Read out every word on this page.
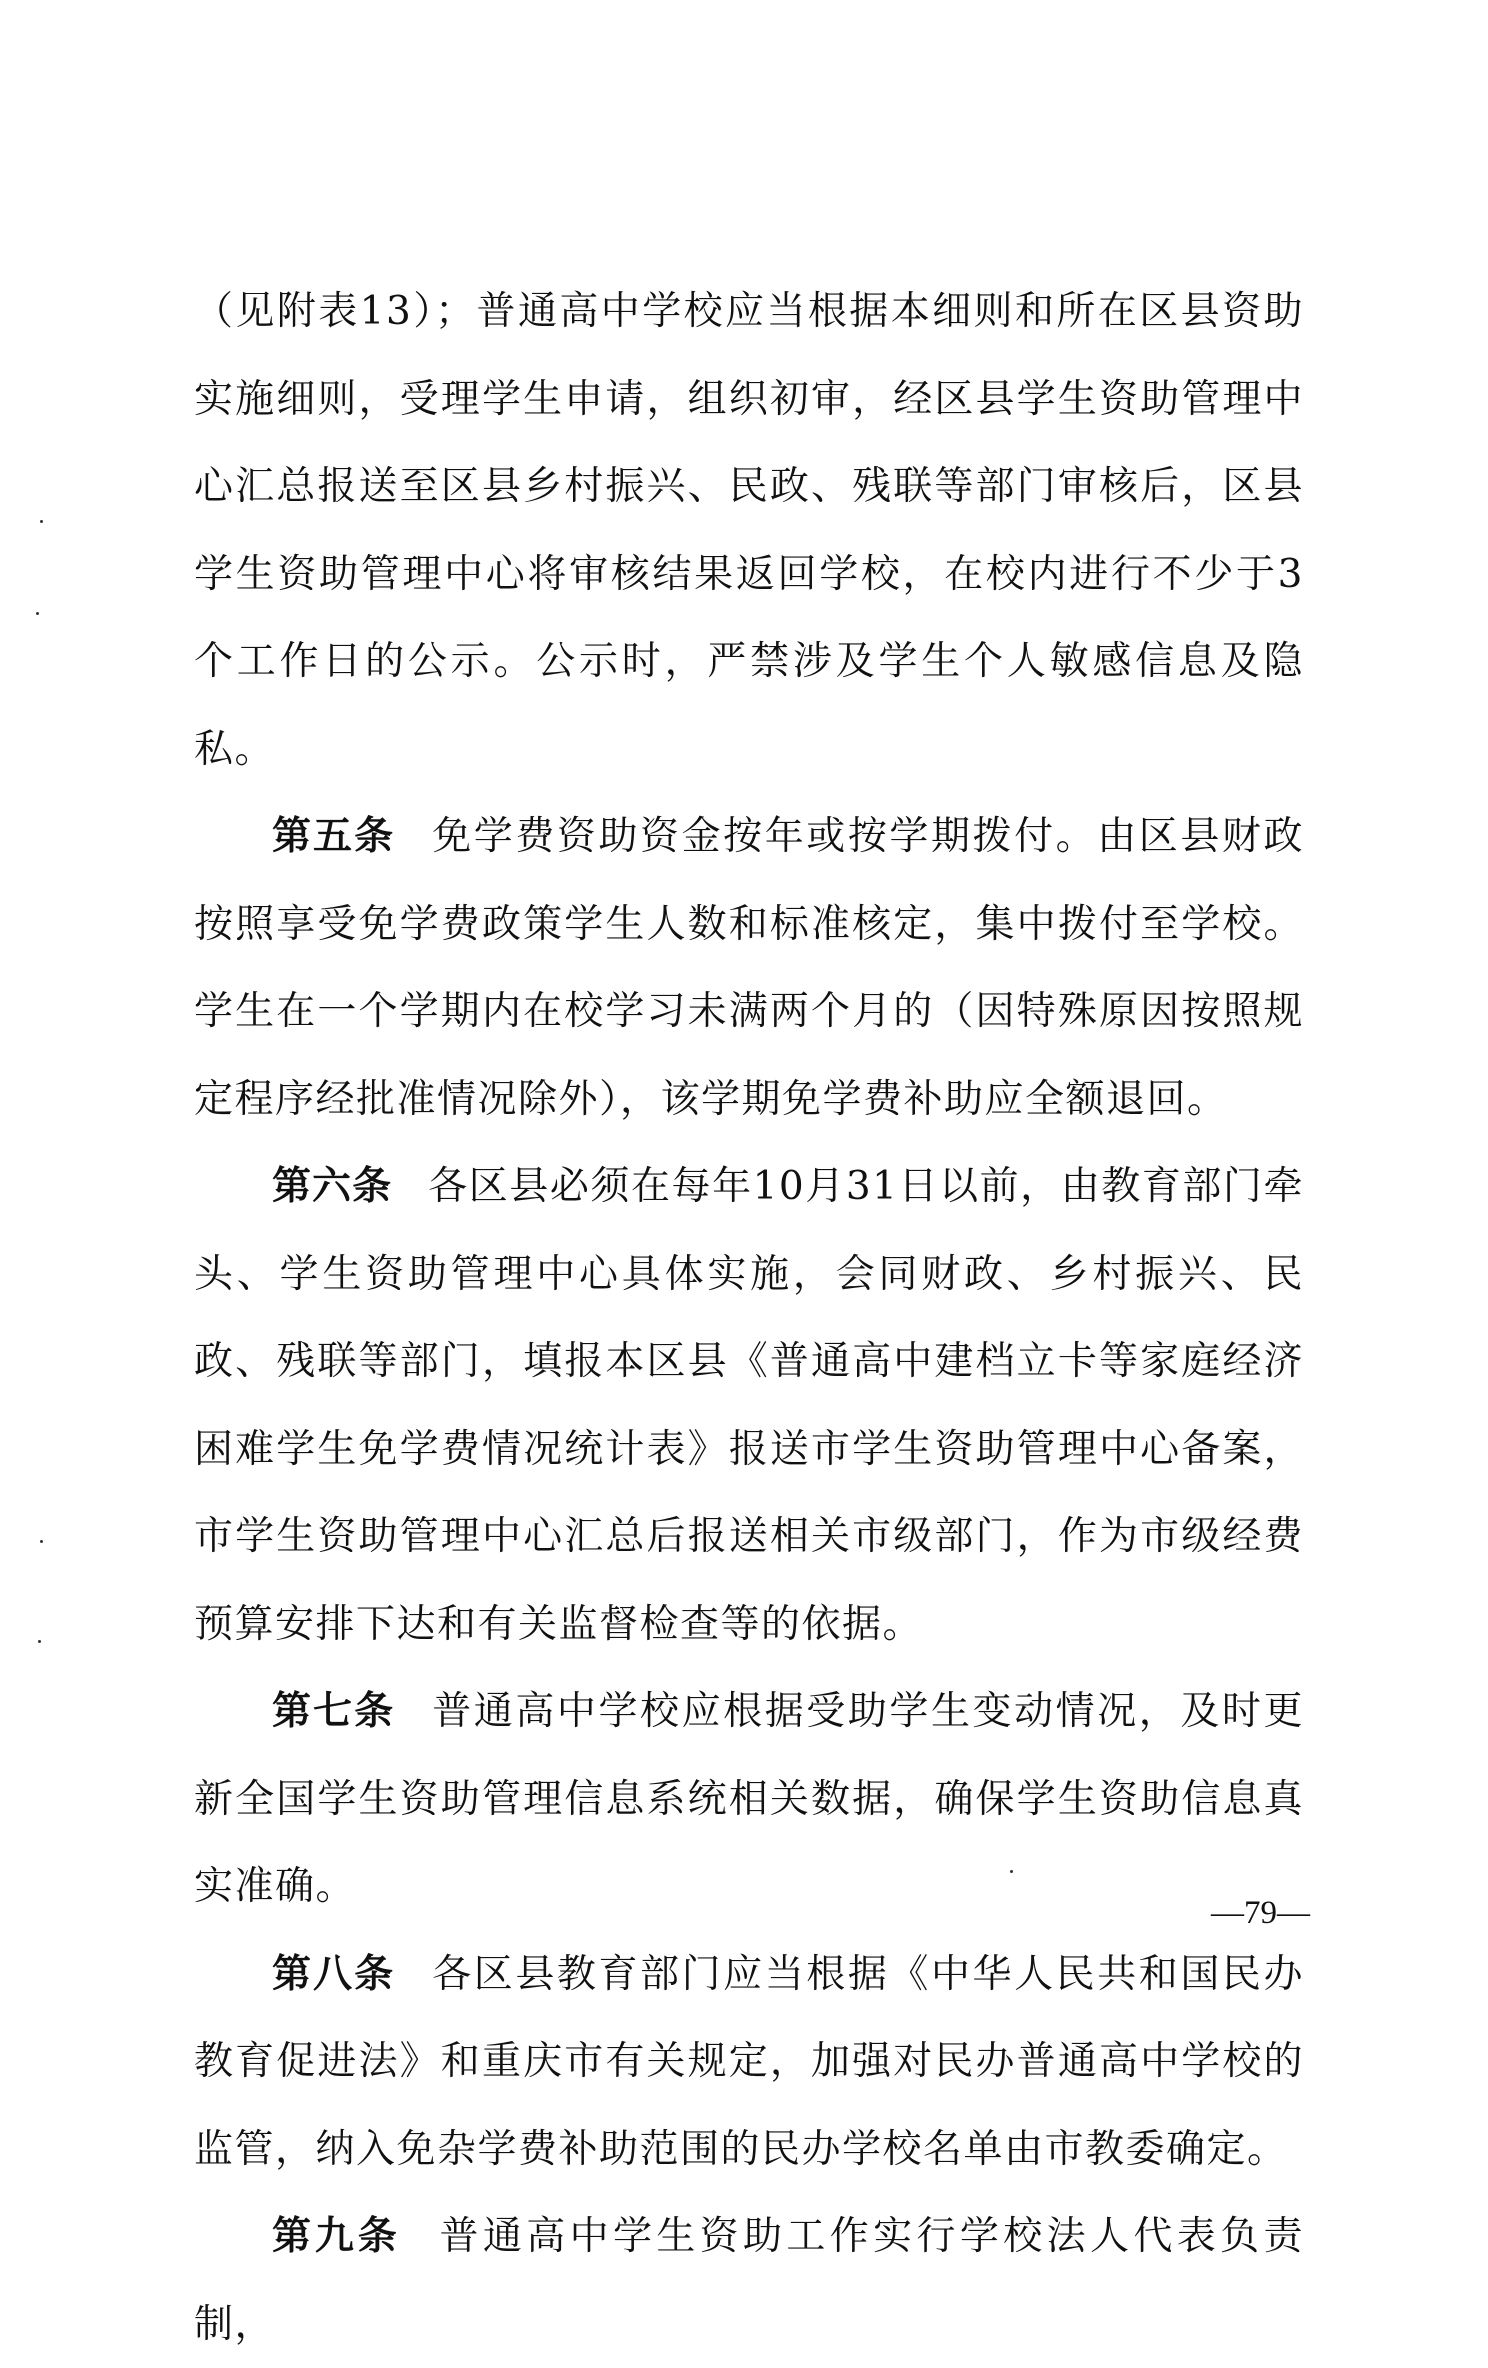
（见附表13）；普通高中学校应当根据本细则和所在区县资助实施细则，受理学生申请，组织初审，经区县学生资助管理中心汇总报送至区县乡村振兴、民政、残联等部门审核后，区县学生资助管理中心将审核结果返回学校，在校内进行不少于3个工作日的公示。公示时，严禁涉及学生个人敏感信息及隐私。

第五条 免学费资助资金按年或按学期拨付。由区县财政按照享受免学费政策学生人数和标准核定，集中拨付至学校。学生在一个学期内在校学习未满两个月的（因特殊原因按照规定程序经批准情况除外），该学期免学费补助应全额退回。

第六条 各区县必须在每年10月31日以前，由教育部门牵头、学生资助管理中心具体实施，会同财政、乡村振兴、民政、残联等部门，填报本区县《普通高中建档立卡等家庭经济困难学生免学费情况统计表》报送市学生资助管理中心备案，市学生资助管理中心汇总后报送相关市级部门，作为市级经费预算安排下达和有关监督检查等的依据。

第七条 普通高中学校应根据受助学生变动情况，及时更新全国学生资助管理信息系统相关数据，确保学生资助信息真实准确。

第八条 各区县教育部门应当根据《中华人民共和国民办教育促进法》和重庆市有关规定，加强对民办普通高中学校的监管，纳入免杂学费补助范围的民办学校名单由市教委确定。

第九条 普通高中学生资助工作实行学校法人代表负责制，

—79—
